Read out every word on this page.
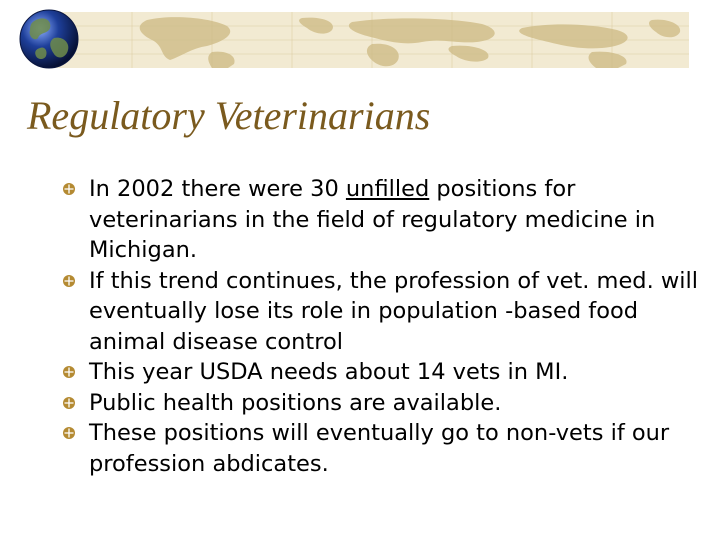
Regulatory Veterinarians
In 2002 there were 30 unfilled positions for veterinarians in the field of regulatory medicine in Michigan.
If this trend continues, the profession of vet. med. will eventually lose its role in population -based food animal disease control
This year USDA needs about 14 vets in MI.
Public health positions are available.
These positions will eventually go to non-vets if our profession abdicates.
